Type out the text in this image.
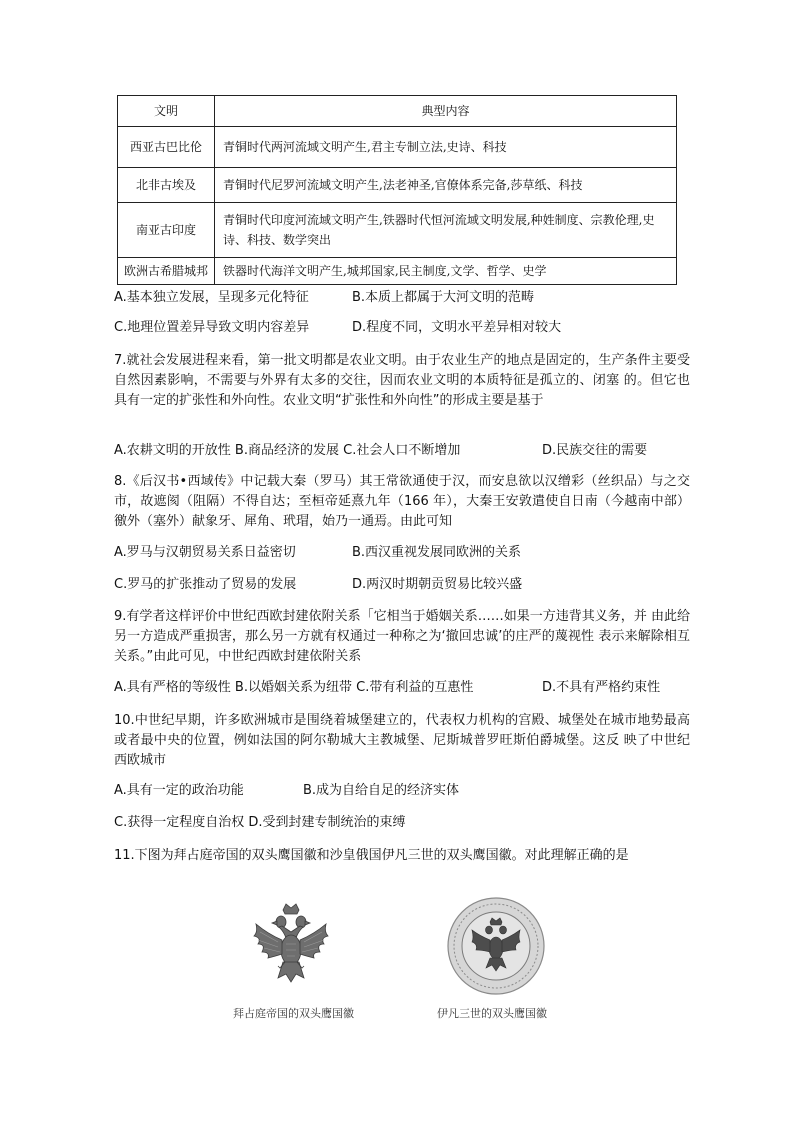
文明	典型内容
西亚古巴比伦	青铜时代两河流域文明产生,君主专制立法,史诗、科技
北非古埃及	青铜时代尼罗河流域文明产生,法老神圣,官僚体系完备,莎草纸、科技
南亚古印度	青铜时代印度河流域文明产生,铁器时代恒河流域文明发展,种姓制度、宗教伦理,史诗、科技、数学突出
欧洲古希腊城邦	铁器时代海洋文明产生,城邦国家,民主制度,文学、哲学、史学
A.基本独立发展，呈现多元化特征	B.本质上都属于大河文明的范畴
C.地理位置差异导致文明内容差异	D.程度不同，文明水平差异相对较大
7.就社会发展进程来看，第一批文明都是农业文明。由于农业生产的地点是固定的，生产条件主要受自然因素影响，不需要与外界有太多的交往，因而农业文明的本质特征是孤立的、闭塞 的。但它也具有一定的扩张性和外向性。农业文明“扩张性和外向性”的形成主要是基于
A.农耕文明的开放性 B.商品经济的发展 C.社会人口不断增加	D.民族交往的需要
8.《后汉书•西域传》中记载大秦（罗马）其王常欲通使于汉，而安息欲以汉缯彩（丝织品）与之交市，故遮阂（阻隔）不得自达；至桓帝延熹九年（166 年），大秦王安敦遣使自日南（今越南中部）徼外（塞外）献象牙、犀角、玳瑁，始乃一通焉。由此可知
A.罗马与汉朝贸易关系日益密切	B.西汉重视发展同欧洲的关系
C.罗马的扩张推动了贸易的发展	D.两汉时期朝贡贸易比较兴盛
9.有学者这样评价中世纪西欧封建依附关系「它相当于婚姻关系……如果一方违背其义务，并 由此给另一方造成严重损害，那么另一方就有权通过一种称之为‘撤回忠诚’的庄严的蔑视性 表示来解除相互关系。”由此可见，中世纪西欧封建依附关系
A.具有严格的等级性 B.以婚姻关系为纽带 C.带有利益的互惠性	D.不具有严格约束性
10.中世纪早期，许多欧洲城市是围绕着城堡建立的，代表权力机构的宫殿、城堡处在城市地势最高或者最中央的位置，例如法国的阿尔勒城大主教城堡、尼斯城普罗旺斯伯爵城堡。这反 映了中世纪西欧城市
A.具有一定的政治功能	B.成为自给自足的经济实体
C.获得一定程度自治权 D.受到封建专制统治的束缚
11.下图为拜占庭帝国的双头鹰国徽和沙皇俄国伊凡三世的双头鹰国徽。对此理解正确的是
拜占庭帝国的双头鹰国徽	伊凡三世的双头鹰国徽
